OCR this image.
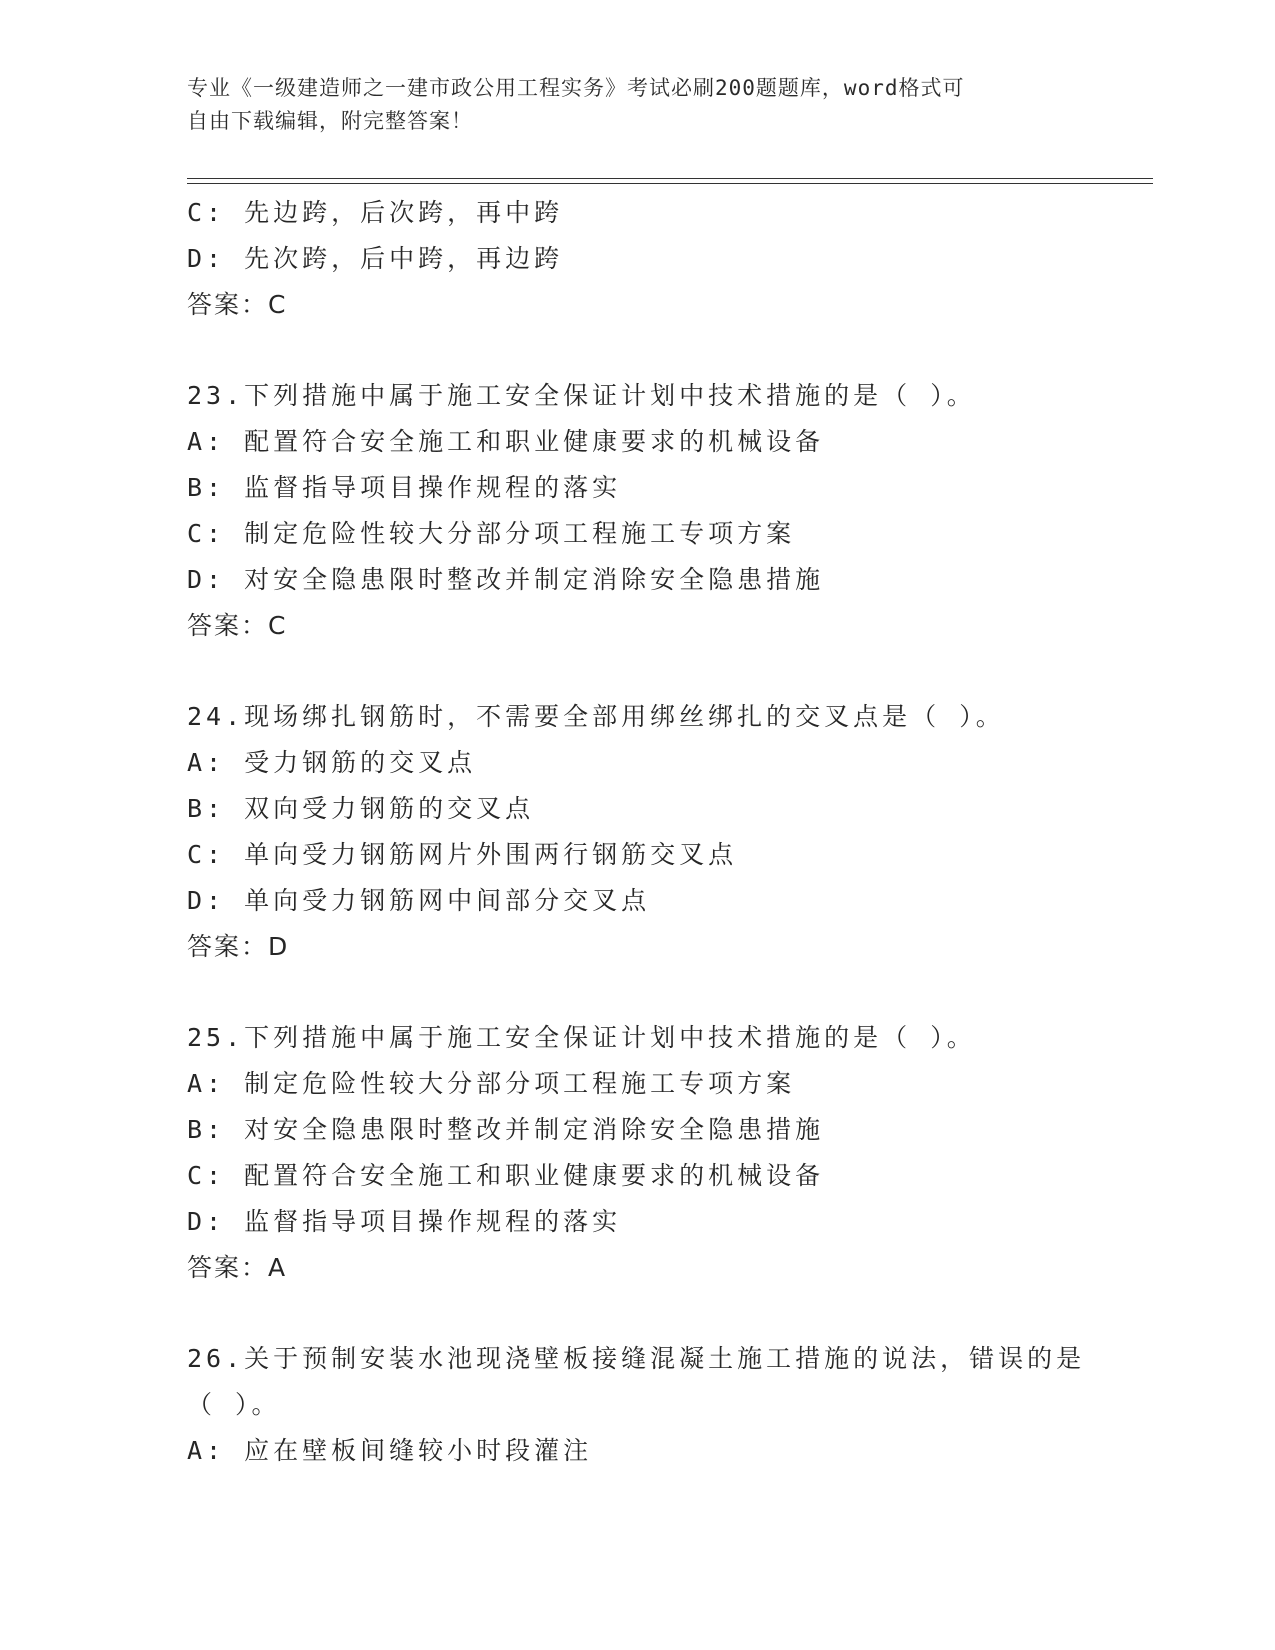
专业《一级建造师之一建市政公用工程实务》考试必刷200题题库，word格式可
自由下载编辑，附完整答案！
C: 先边跨，后次跨，再中跨
D: 先次跨，后中跨，再边跨
答案：C
23.下列措施中属于施工安全保证计划中技术措施的是（ ）。
A: 配置符合安全施工和职业健康要求的机械设备
B: 监督指导项目操作规程的落实
C: 制定危险性较大分部分项工程施工专项方案
D: 对安全隐患限时整改并制定消除安全隐患措施
答案：C
24.现场绑扎钢筋时，不需要全部用绑丝绑扎的交叉点是（ ）。
A: 受力钢筋的交叉点
B: 双向受力钢筋的交叉点
C: 单向受力钢筋网片外围两行钢筋交叉点
D: 单向受力钢筋网中间部分交叉点
答案：D
25.下列措施中属于施工安全保证计划中技术措施的是（ ）。
A: 制定危险性较大分部分项工程施工专项方案
B: 对安全隐患限时整改并制定消除安全隐患措施
C: 配置符合安全施工和职业健康要求的机械设备
D: 监督指导项目操作规程的落实
答案：A
26.关于预制安装水池现浇壁板接缝混凝土施工措施的说法，错误的是
（ ）。
A: 应在壁板间缝较小时段灌注
